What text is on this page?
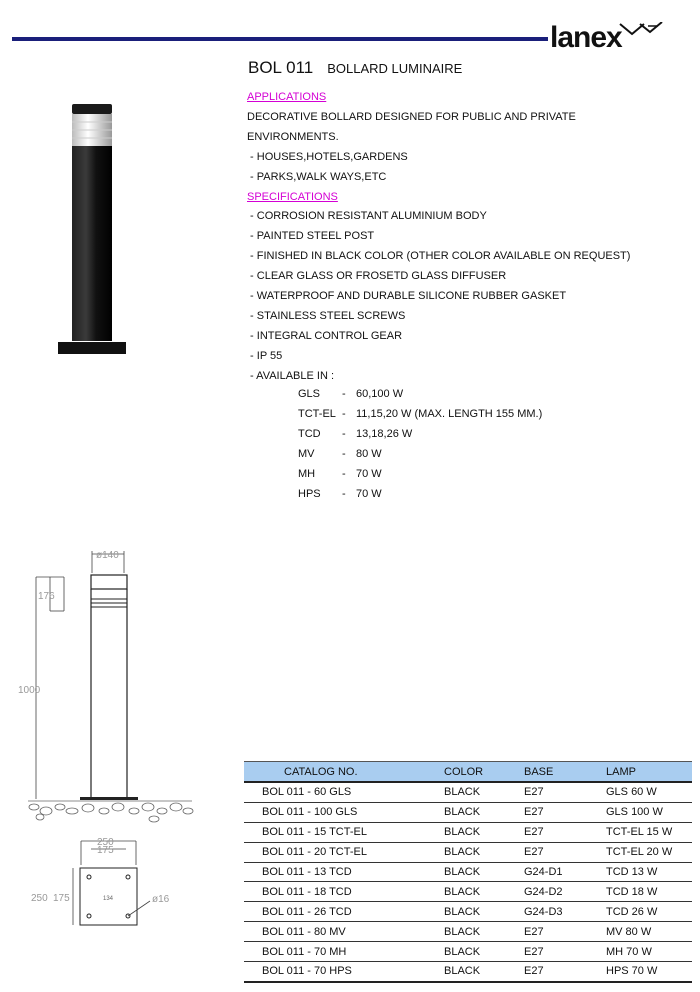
lanex
BOL 011 BOLLARD LUMINAIRE
APPLICATIONS
DECORATIVE BOLLARD DESIGNED FOR PUBLIC AND PRIVATE
ENVIRONMENTS.
- HOUSES,HOTELS,GARDENS
- PARKS,WALK WAYS,ETC
SPECIFICATIONS
- CORROSION RESISTANT ALUMINIUM BODY
- PAINTED STEEL POST
- FINISHED IN BLACK COLOR (OTHER COLOR AVAILABLE ON REQUEST)
- CLEAR GLASS OR FROSETD GLASS DIFFUSER
- WATERPROOF AND DURABLE SILICONE RUBBER GASKET
- STAINLESS STEEL SCREWS
- INTEGRAL CONTROL GEAR
- IP 55
- AVAILABLE IN :
GLS	- 60,100 W
TCT-EL - 11,15,20 W (MAX. LENGTH 155 MM.)
TCD	- 13,18,26 W
MV	- 80 W
MH	- 70 W
HPS	- 70 W
ø140
176
1000
250
175
134
250 175	ø16
CATALOG NO.	COLOR	BASE	LAMP
BOL 011 - 60 GLS	BLACK	E27	GLS 60 W
BOL 011 - 100 GLS	BLACK	E27	GLS 100 W
BOL 011 - 15 TCT-EL	BLACK	E27	TCT-EL 15 W
BOL 011 - 20 TCT-EL	BLACK	E27	TCT-EL 20 W
BOL 011 - 13 TCD	BLACK	G24-D1	TCD 13 W
BOL 011 - 18 TCD	BLACK	G24-D2	TCD 18 W
BOL 011 - 26 TCD	BLACK	G24-D3	TCD 26 W
BOL 011 - 80 MV	BLACK	E27	MV 80 W
BOL 011 - 70 MH	BLACK	E27	MH 70 W
BOL 011 - 70 HPS	BLACK	E27	HPS 70 W
